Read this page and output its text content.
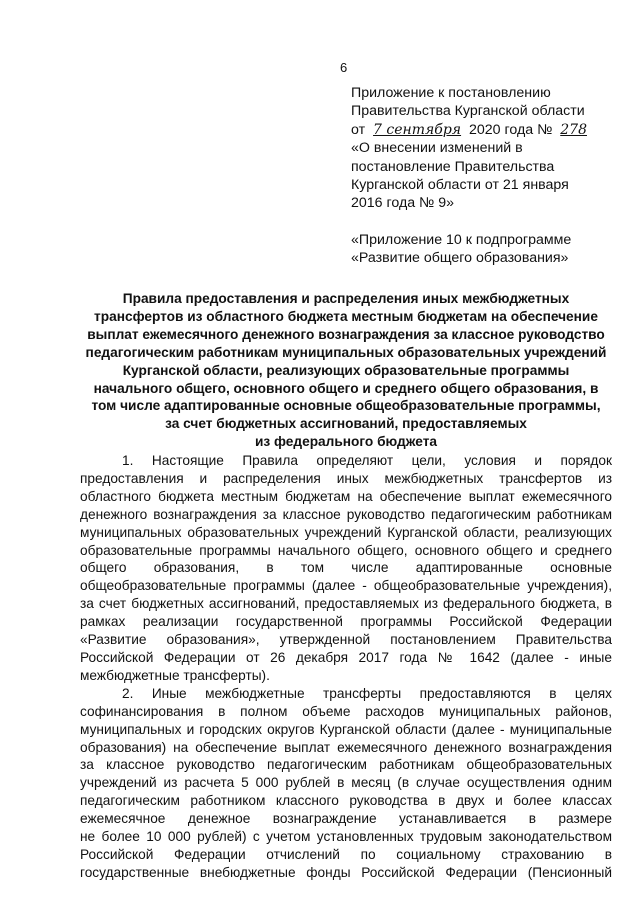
6
Приложение к постановлению
Правительства Курганской области
от 7 сентября 2020 года № 278
«О внесении изменений в
постановление Правительства
Курганской области от 21 января
2016 года № 9»
«Приложение 10 к подпрограмме
«Развитие общего образования»
Правила предоставления и распределения иных межбюджетных
трансфертов из областного бюджета местным бюджетам на обеспечение
выплат ежемесячного денежного вознаграждения за классное руководство
педагогическим работникам муниципальных образовательных учреждений
Курганской области, реализующих образовательные программы
начального общего, основного общего и среднего общего образования, в
том числе адаптированные основные общеобразовательные программы,
за счет бюджетных ассигнований, предоставляемых
из федерального бюджета
1. Настоящие Правила определяют цели, условия и порядок
предоставления и распределения иных межбюджетных трансфертов из
областного бюджета местным бюджетам на обеспечение выплат ежемесячного
денежного вознаграждения за классное руководство педагогическим работникам
муниципальных образовательных учреждений Курганской области, реализующих
образовательные программы начального общего, основного общего и среднего
общего образования, в том числе адаптированные основные
общеобразовательные программы (далее - общеобразовательные учреждения),
за счет бюджетных ассигнований, предоставляемых из федерального бюджета, в
рамках реализации государственной программы Российской Федерации
«Развитие образования», утвержденной постановлением Правительства
Российской Федерации от 26 декабря 2017 года № 1642 (далее - иные
межбюджетные трансферты).
2. Иные межбюджетные трансферты предоставляются в целях
софинансирования в полном объеме расходов муниципальных районов,
муниципальных и городских округов Курганской области (далее - муниципальные
образования) на обеспечение выплат ежемесячного денежного вознаграждения
за классное руководство педагогическим работникам общеобразовательных
учреждений из расчета 5 000 рублей в месяц (в случае осуществления одним
педагогическим работником классного руководства в двух и более классах
ежемесячное денежное вознаграждение устанавливается в размере
не более 10 000 рублей) с учетом установленных трудовым законодательством
Российской Федерации отчислений по социальному страхованию в
государственные внебюджетные фонды Российской Федерации (Пенсионный
